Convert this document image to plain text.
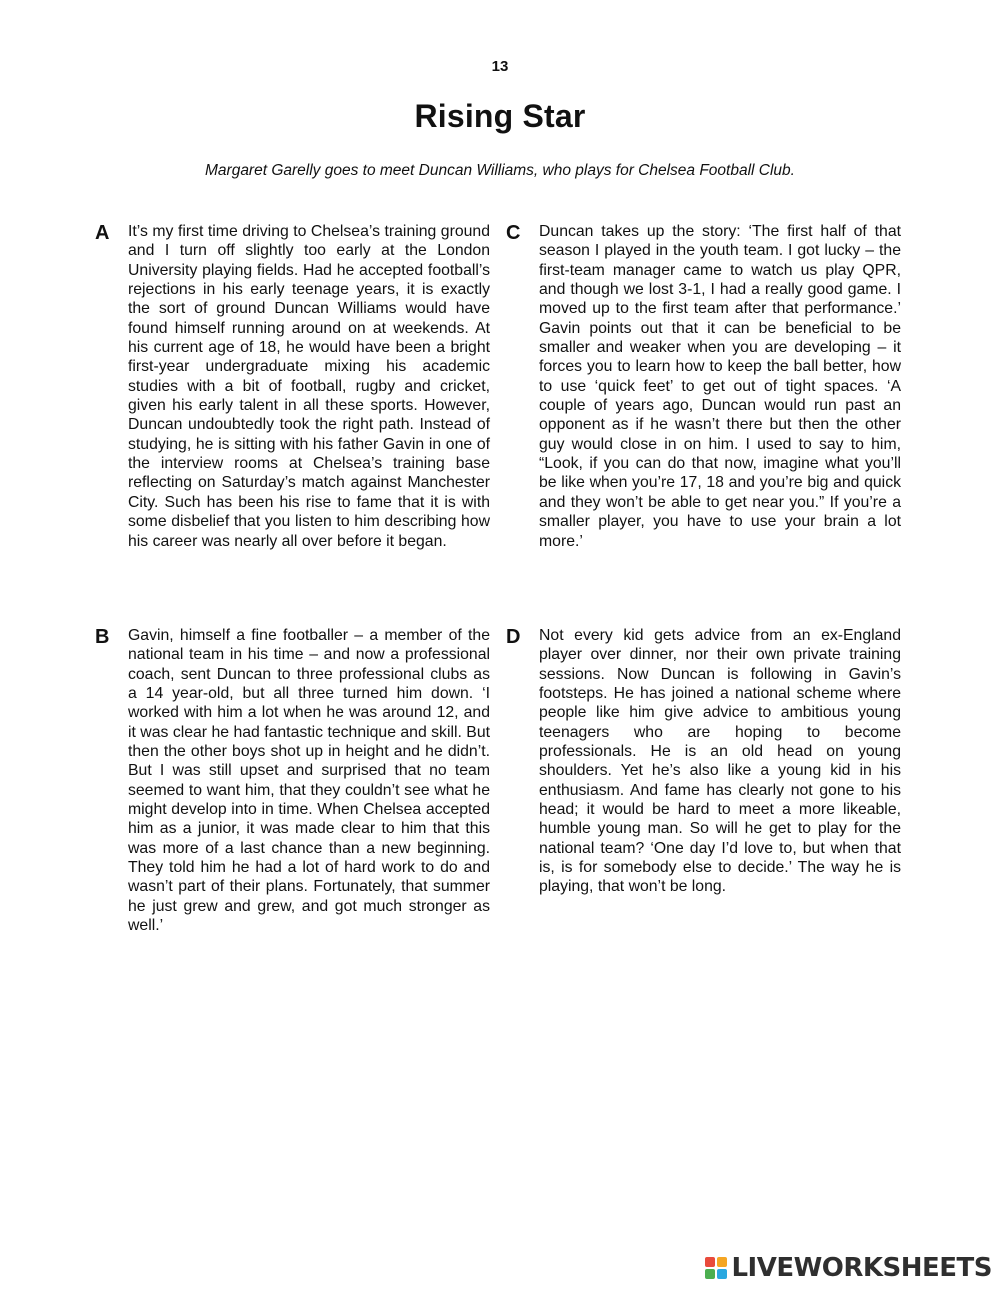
13
Rising Star
Margaret Garelly goes to meet Duncan Williams, who plays for Chelsea Football Club.
A It’s my first time driving to Chelsea’s training ground and I turn off slightly too early at the London University playing fields. Had he accepted football’s rejections in his early teenage years, it is exactly the sort of ground Duncan Williams would have found himself running around on at weekends. At his current age of 18, he would have been a bright first-year undergraduate mixing his academic studies with a bit of football, rugby and cricket, given his early talent in all these sports. However, Duncan undoubtedly took the right path. Instead of studying, he is sitting with his father Gavin in one of the interview rooms at Chelsea’s training base reflecting on Saturday’s match against Manchester City. Such has been his rise to fame that it is with some disbelief that you listen to him describing how his career was nearly all over before it began.

B Gavin, himself a fine footballer – a member of the national team in his time – and now a professional coach, sent Duncan to three professional clubs as a 14 year-old, but all three turned him down. ‘I worked with him a lot when he was around 12, and it was clear he had fantastic technique and skill. But then the other boys shot up in height and he didn’t. But I was still upset and surprised that no team seemed to want him, that they couldn’t see what he might develop into in time. When Chelsea accepted him as a junior, it was made clear to him that this was more of a last chance than a new beginning. They told him he had a lot of hard work to do and wasn’t part of their plans. Fortunately, that summer he just grew and grew, and got much stronger as well.’

C Duncan takes up the story: ‘The first half of that season I played in the youth team. I got lucky – the first-team manager came to watch us play QPR, and though we lost 3-1, I had a really good game. I moved up to the first team after that performance.’ Gavin points out that it can be beneficial to be smaller and weaker when you are developing – it forces you to learn how to keep the ball better, how to use ‘quick feet’ to get out of tight spaces. ‘A couple of years ago, Duncan would run past an opponent as if he wasn’t there but then the other guy would close in on him. I used to say to him, “Look, if you can do that now, imagine what you’ll be like when you’re 17, 18 and you’re big and quick and they won’t be able to get near you.” If you’re a smaller player, you have to use your brain a lot more.’

D Not every kid gets advice from an ex-England player over dinner, nor their own private training sessions. Now Duncan is following in Gavin’s footsteps. He has joined a national scheme where people like him give advice to ambitious young teenagers who are hoping to become professionals. He is an old head on young shoulders. Yet he’s also like a young kid in his enthusiasm. And fame has clearly not gone to his head; it would be hard to meet a more likeable, humble young man. So will he get to play for the national team? ‘One day I’d love to, but when that is, is for somebody else to decide.’ The way he is playing, that won’t be long.

LIVEWORKSHEETS
